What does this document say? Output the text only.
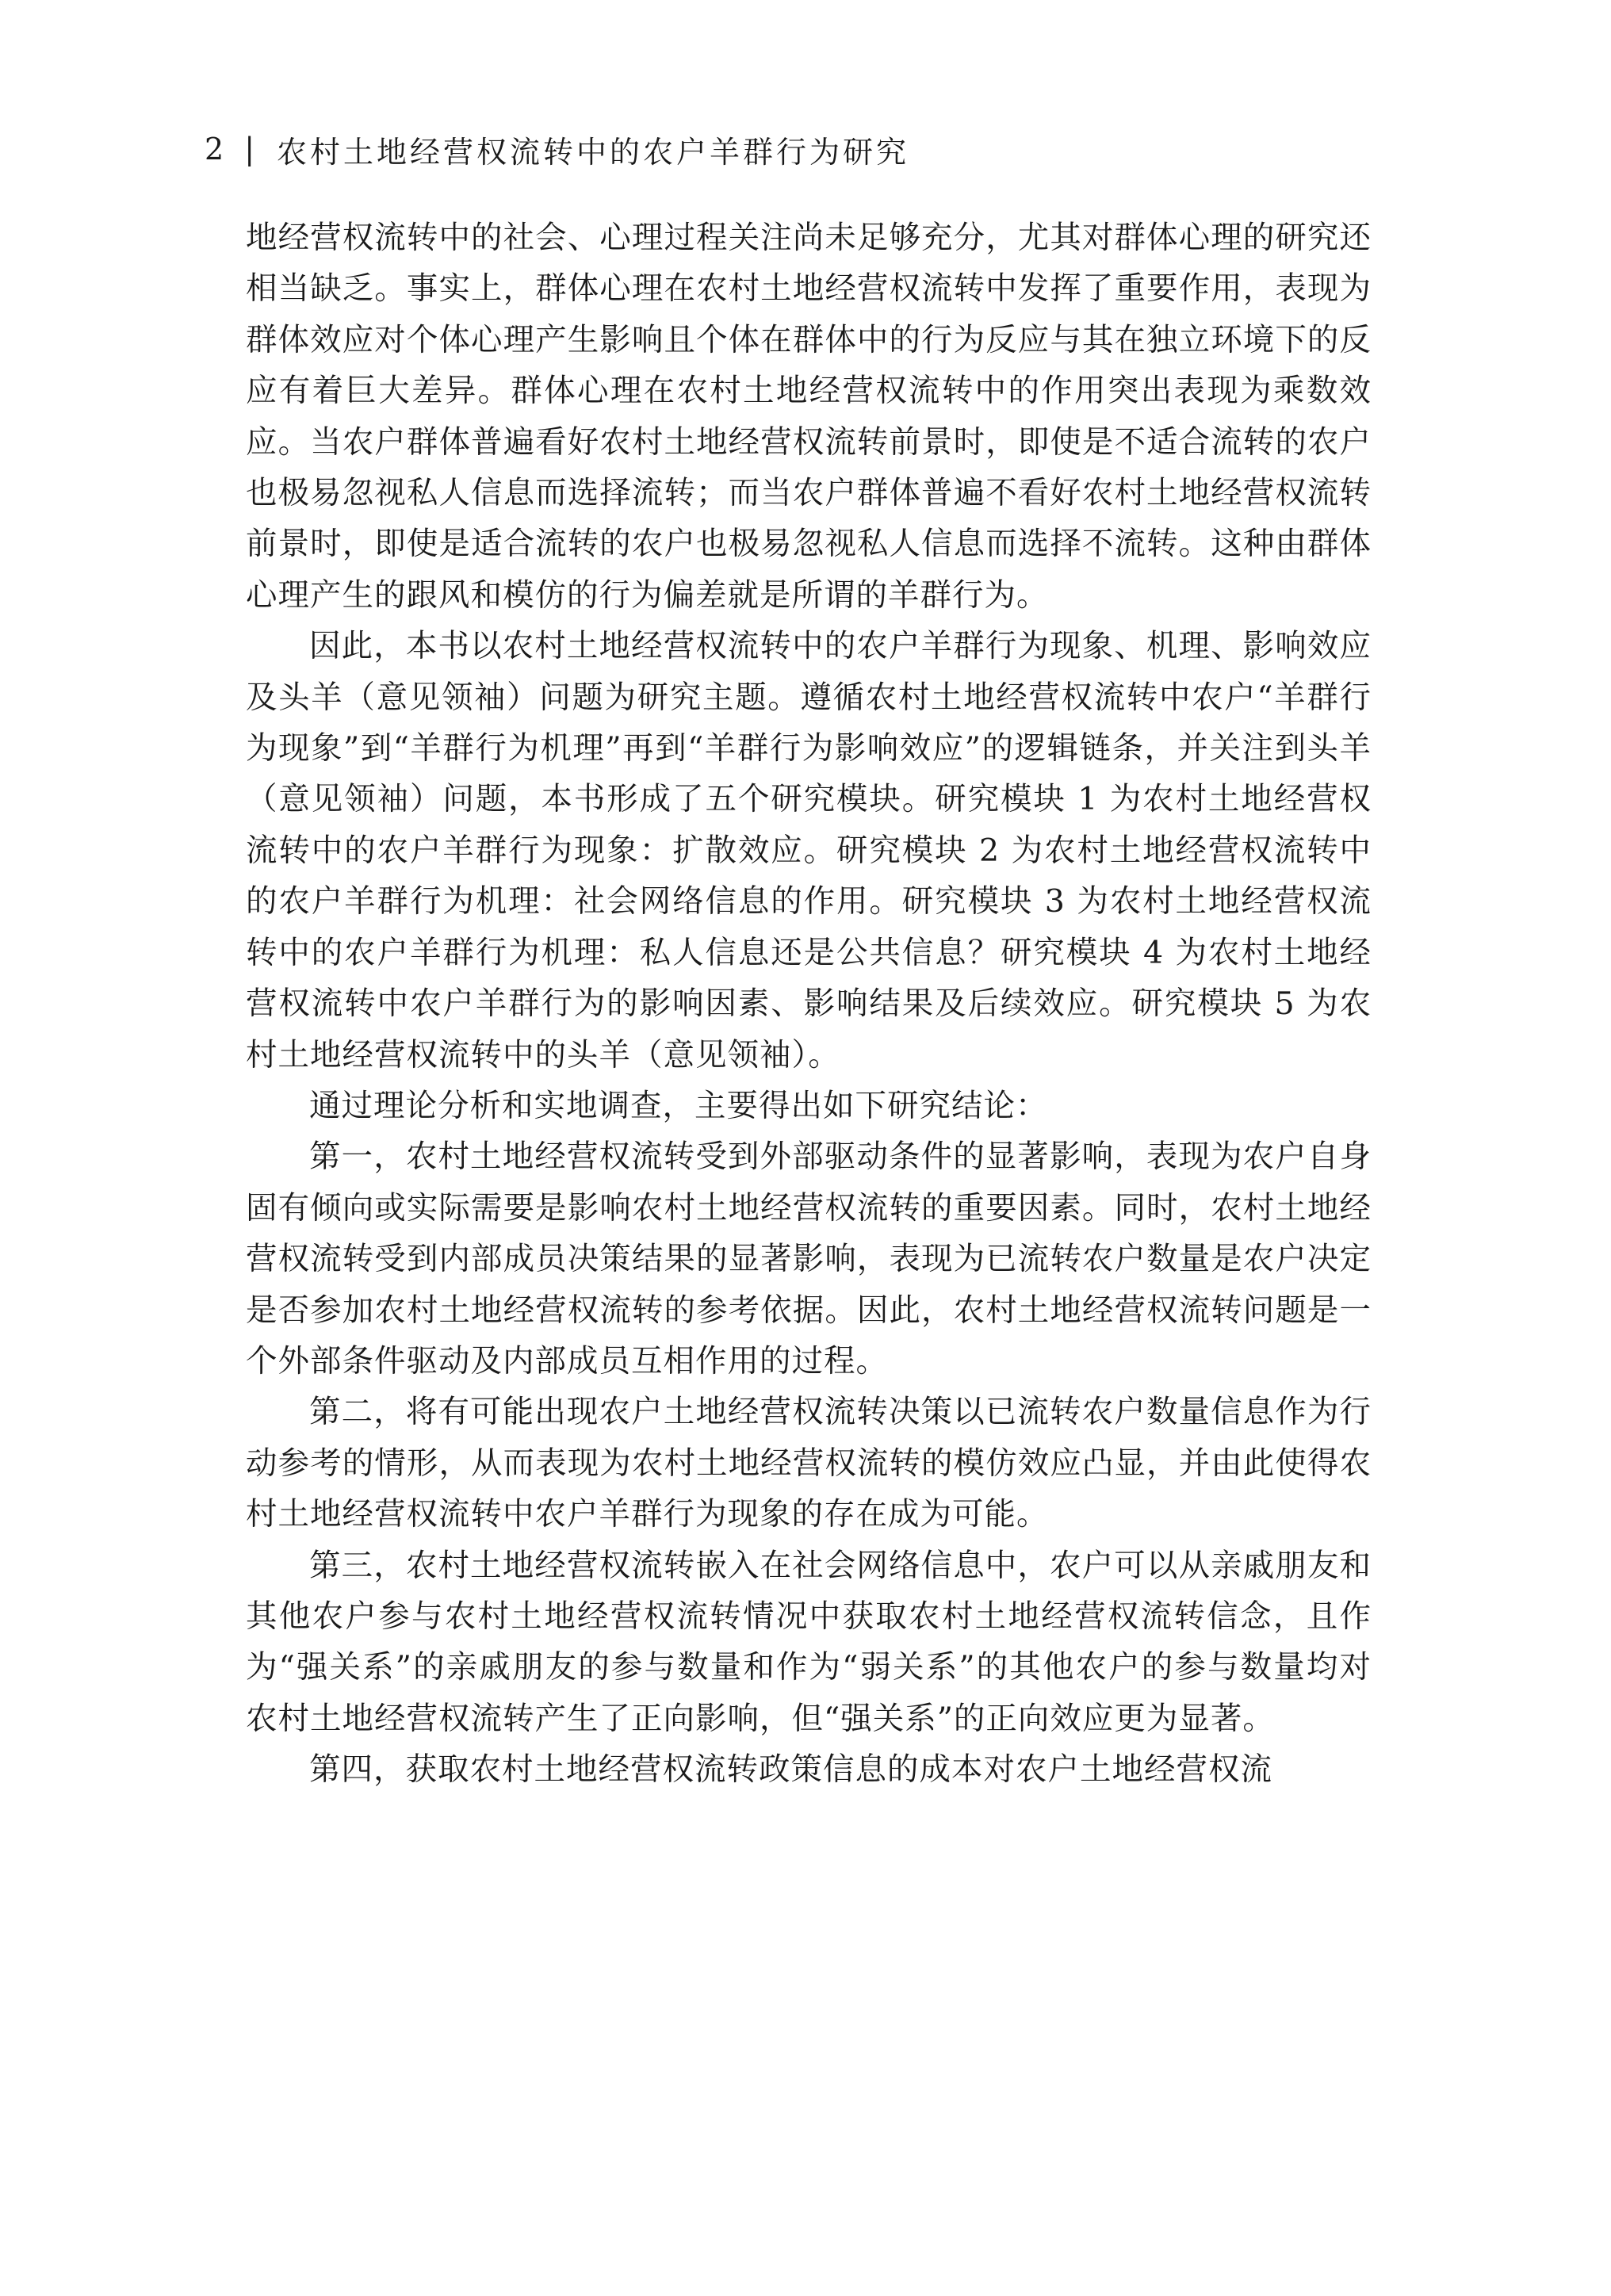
2 | 农村土地经营权流转中的农户羊群行为研究

地经营权流转中的社会、心理过程关注尚未足够充分，尤其对群体心理的研究还相当缺乏。事实上，群体心理在农村土地经营权流转中发挥了重要作用，表现为群体效应对个体心理产生影响且个体在群体中的行为反应与其在独立环境下的反应有着巨大差异。群体心理在农村土地经营权流转中的作用突出表现为乘数效应。当农户群体普遍看好农村土地经营权流转前景时，即使是不适合流转的农户也极易忽视私人信息而选择流转；而当农户群体普遍不看好农村土地经营权流转前景时，即使是适合流转的农户也极易忽视私人信息而选择不流转。这种由群体心理产生的跟风和模仿的行为偏差就是所谓的羊群行为。

因此，本书以农村土地经营权流转中的农户羊群行为现象、机理、影响效应及头羊（意见领袖）问题为研究主题。遵循农村土地经营权流转中农户“羊群行为现象”到“羊群行为机理”再到“羊群行为影响效应”的逻辑链条，并关注到头羊（意见领袖）问题，本书形成了五个研究模块。研究模块 1 为农村土地经营权流转中的农户羊群行为现象：扩散效应。研究模块 2 为农村土地经营权流转中的农户羊群行为机理：社会网络信息的作用。研究模块 3 为农村土地经营权流转中的农户羊群行为机理：私人信息还是公共信息？研究模块 4 为农村土地经营权流转中农户羊群行为的影响因素、影响结果及后续效应。研究模块 5 为农村土地经营权流转中的头羊（意见领袖）。

通过理论分析和实地调查，主要得出如下研究结论：

第一，农村土地经营权流转受到外部驱动条件的显著影响，表现为农户自身固有倾向或实际需要是影响农村土地经营权流转的重要因素。同时，农村土地经营权流转受到内部成员决策结果的显著影响，表现为已流转农户数量是农户决定是否参加农村土地经营权流转的参考依据。因此，农村土地经营权流转问题是一个外部条件驱动及内部成员互相作用的过程。

第二，将有可能出现农户土地经营权流转决策以已流转农户数量信息作为行动参考的情形，从而表现为农村土地经营权流转的模仿效应凸显，并由此使得农村土地经营权流转中农户羊群行为现象的存在成为可能。

第三，农村土地经营权流转嵌入在社会网络信息中，农户可以从亲戚朋友和其他农户参与农村土地经营权流转情况中获取农村土地经营权流转信念，且作为“强关系”的亲戚朋友的参与数量和作为“弱关系”的其他农户的参与数量均对农村土地经营权流转产生了正向影响，但“强关系”的正向效应更为显著。

第四，获取农村土地经营权流转政策信息的成本对农户土地经营权流
